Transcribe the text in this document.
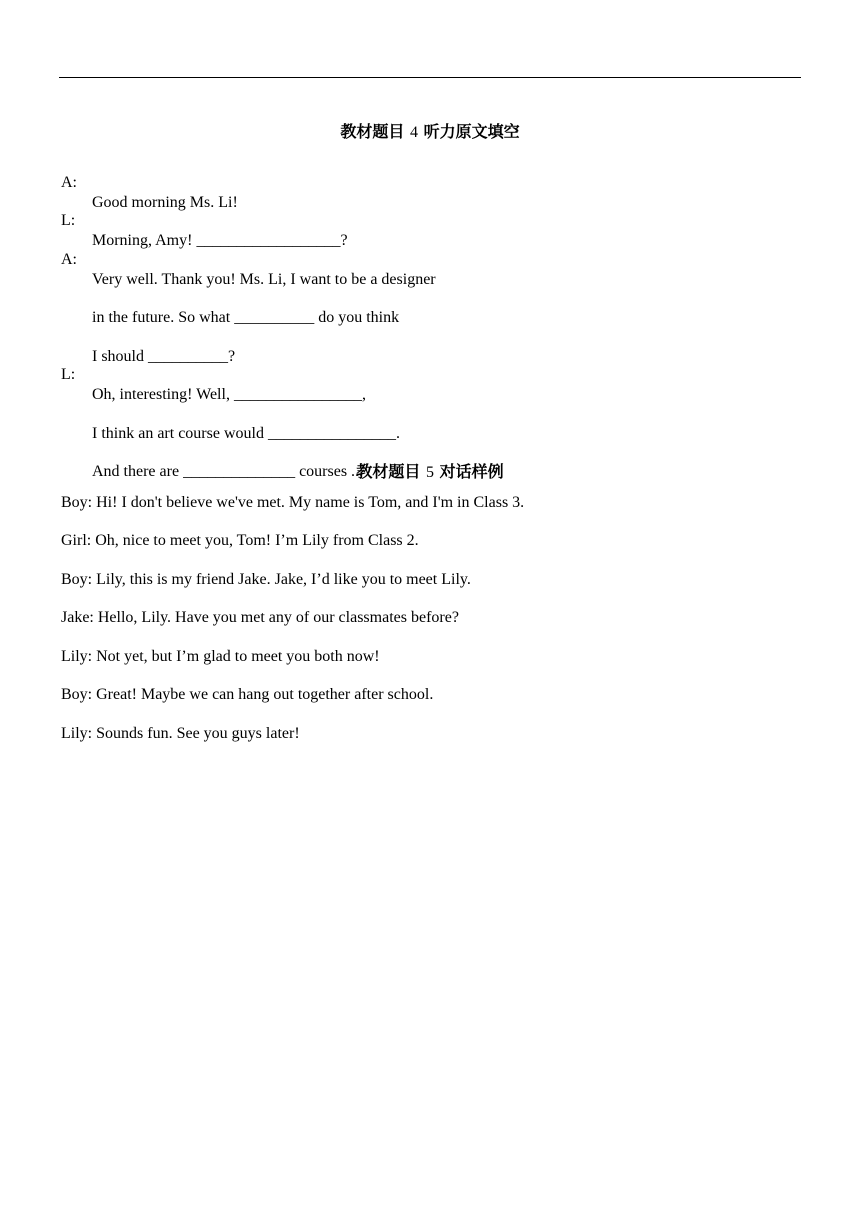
教材题目 4 听力原文填空

A:

Good morning Ms. Li!

L:

Morning, Amy! __________________?

A:

Very well. Thank you! Ms. Li, I want to be a designer

in the future. So what __________ do you think

I should __________?

L:

Oh, interesting! Well, ________________,

I think an art course would ________________.

And there are ______________ courses ...

教材题目 5 对话样例
Boy: Hi! I don't believe we've met. My name is Tom, and I'm in Class 3.
Girl: Oh, nice to meet you, Tom! I’m Lily from Class 2.
Boy: Lily, this is my friend Jake. Jake, I’d like you to meet Lily.
Jake: Hello, Lily. Have you met any of our classmates before?
Lily: Not yet, but I’m glad to meet you both now!
Boy: Great! Maybe we can hang out together after school.
Lily: Sounds fun. See you guys later!
